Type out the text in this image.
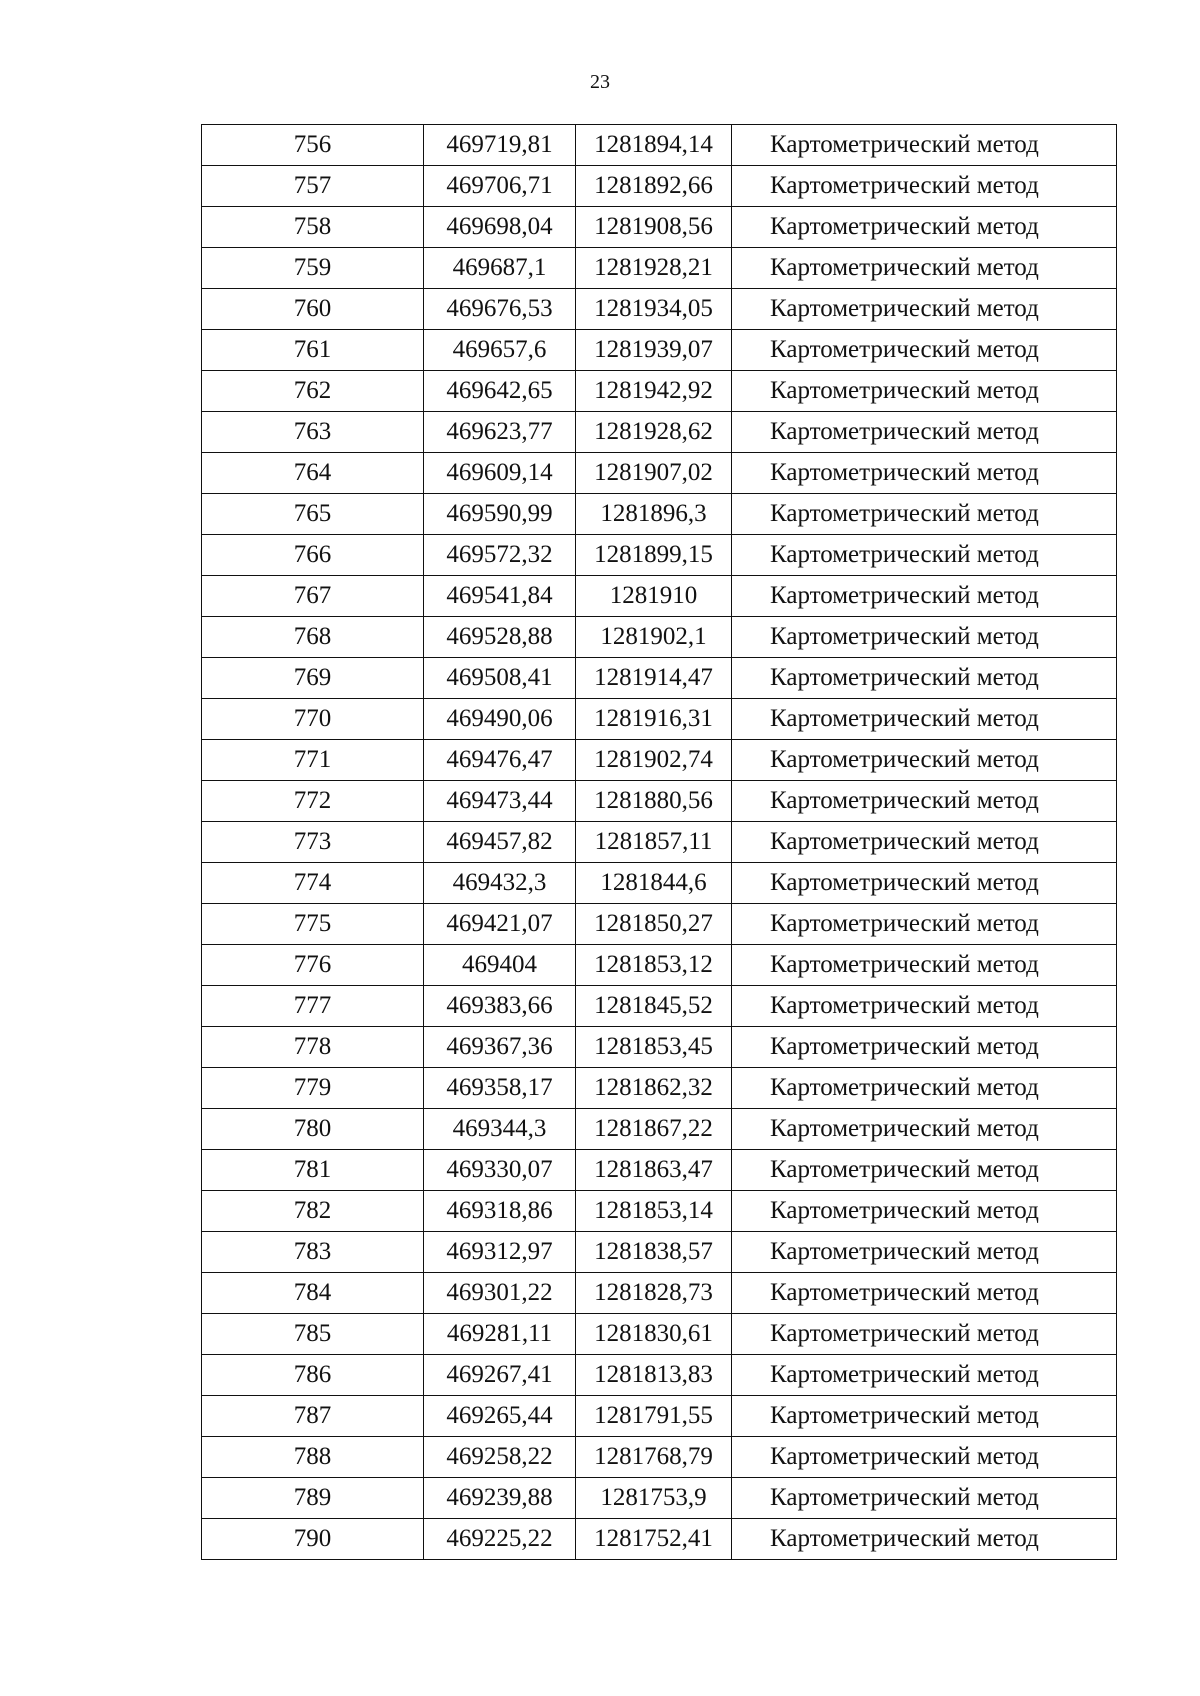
23
756	469719,81	1281894,14	Картометрический метод
757	469706,71	1281892,66	Картометрический метод
758	469698,04	1281908,56	Картометрический метод
759	469687,1	1281928,21	Картометрический метод
760	469676,53	1281934,05	Картометрический метод
761	469657,6	1281939,07	Картометрический метод
762	469642,65	1281942,92	Картометрический метод
763	469623,77	1281928,62	Картометрический метод
764	469609,14	1281907,02	Картометрический метод
765	469590,99	1281896,3	Картометрический метод
766	469572,32	1281899,15	Картометрический метод
767	469541,84	1281910	Картометрический метод
768	469528,88	1281902,1	Картометрический метод
769	469508,41	1281914,47	Картометрический метод
770	469490,06	1281916,31	Картометрический метод
771	469476,47	1281902,74	Картометрический метод
772	469473,44	1281880,56	Картометрический метод
773	469457,82	1281857,11	Картометрический метод
774	469432,3	1281844,6	Картометрический метод
775	469421,07	1281850,27	Картометрический метод
776	469404	1281853,12	Картометрический метод
777	469383,66	1281845,52	Картометрический метод
778	469367,36	1281853,45	Картометрический метод
779	469358,17	1281862,32	Картометрический метод
780	469344,3	1281867,22	Картометрический метод
781	469330,07	1281863,47	Картометрический метод
782	469318,86	1281853,14	Картометрический метод
783	469312,97	1281838,57	Картометрический метод
784	469301,22	1281828,73	Картометрический метод
785	469281,11	1281830,61	Картометрический метод
786	469267,41	1281813,83	Картометрический метод
787	469265,44	1281791,55	Картометрический метод
788	469258,22	1281768,79	Картометрический метод
789	469239,88	1281753,9	Картометрический метод
790	469225,22	1281752,41	Картометрический метод
